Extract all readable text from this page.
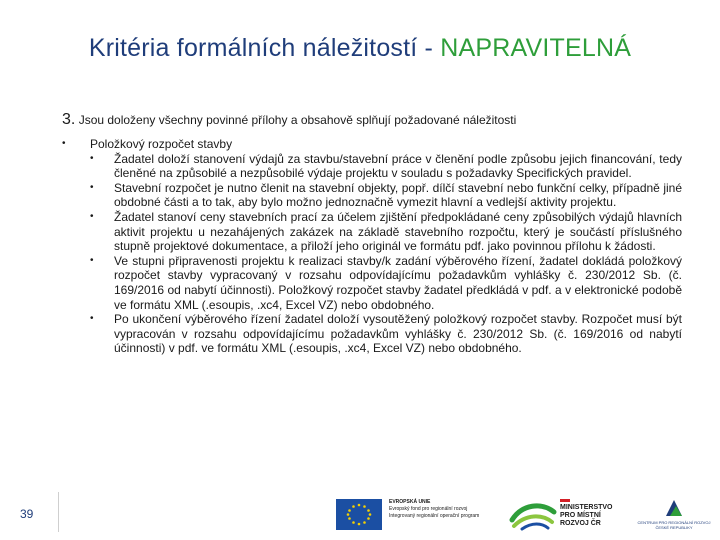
Kritéria formálních náležitostí - NAPRAVITELNÁ
3. Jsou doloženy všechny povinné přílohy a obsahově splňují požadované náležitosti
• Položkový rozpočet stavby
• Žadatel doloží stanovení výdajů za stavbu/stavební práce v členění podle způsobu jejich financování, tedy členěné na způsobilé a nezpůsobilé výdaje projektu v souladu s požadavky Specifických pravidel.
• Stavební rozpočet je nutno členit na stavební objekty, popř. dílčí stavební nebo funkční celky, případně jiné obdobné části a to tak, aby bylo možno jednoznačně vymezit hlavní a vedlejší aktivity projektu.
• Žadatel stanoví ceny stavebních prací za účelem zjištění předpokládané ceny způsobilých výdajů hlavních aktivit projektu u nezahájených zakázek na základě stavebního rozpočtu, který je součástí příslušného stupně projektové dokumentace, a přiloží jeho originál ve formátu pdf. jako povinnou přílohu k žádosti.
• Ve stupni připravenosti projektu k realizaci stavby/k zadání výběrového řízení, žadatel dokládá položkový rozpočet stavby vypracovaný v rozsahu odpovídajícímu požadavkům vyhlášky č. 230/2012 Sb. (č. 169/2016 od nabytí účinnosti). Položkový rozpočet stavby žadatel předkládá v pdf. a v elektronické podobě ve formátu XML (.esoupis, .xc4, Excel VZ) nebo obdobného.
• Po ukončení výběrového řízení žadatel doloží vysoutěžený položkový rozpočet stavby. Rozpočet musí být vypracován v rozsahu odpovídajícímu požadavkům vyhlášky č. 230/2012 Sb. (č. 169/2016 od nabytí účinnosti) v pdf. ve formátu XML (.esoupis, .xc4, Excel VZ) nebo obdobného.
39
EVROPSKÁ UNIE
Evropský fond pro regionální rozvoj
Integrovaný regionální operační program
MINISTERSTVO
PRO MÍSTNÍ
ROZVOJ ČR	CENTRUM PRO REGIONÁLNÍ ROZVOJ
ČESKÉ REPUBLIKY
